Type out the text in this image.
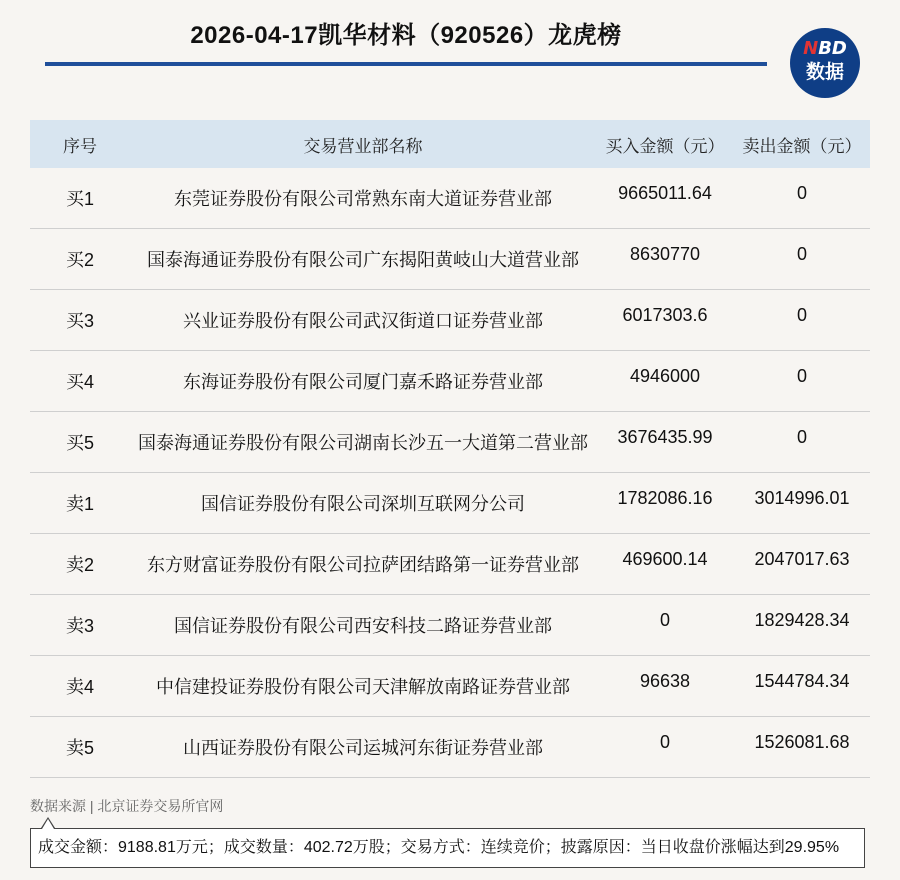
2026-04-17凯华材料（920526）龙虎榜	NBD
数据
序号	交易营业部名称	买入金额（元）	卖出金额（元）
买1	东莞证券股份有限公司常熟东南大道证券营业部	9665011.64	0
买2	国泰海通证券股份有限公司广东揭阳黄岐山大道营业部	8630770	0
买3	兴业证券股份有限公司武汉街道口证券营业部	6017303.6	0
买4	东海证券股份有限公司厦门嘉禾路证券营业部	4946000	0
买5	国泰海通证券股份有限公司湖南长沙五一大道第二营业部	3676435.99	0
卖1	国信证券股份有限公司深圳互联网分公司	1782086.16	3014996.01
卖2	东方财富证券股份有限公司拉萨团结路第一证券营业部	469600.14	2047017.63
卖3	国信证券股份有限公司西安科技二路证券营业部	0	1829428.34
卖4	中信建投证券股份有限公司天津解放南路证券营业部	96638	1544784.34
卖5	山西证券股份有限公司运城河东街证券营业部	0	1526081.68
数据来源 | 北京证券交易所官网
成交金额：9188.81万元；成交数量：402.72万股；交易方式：连续竞价；披露原因：当日收盘价涨幅达到29.95%
